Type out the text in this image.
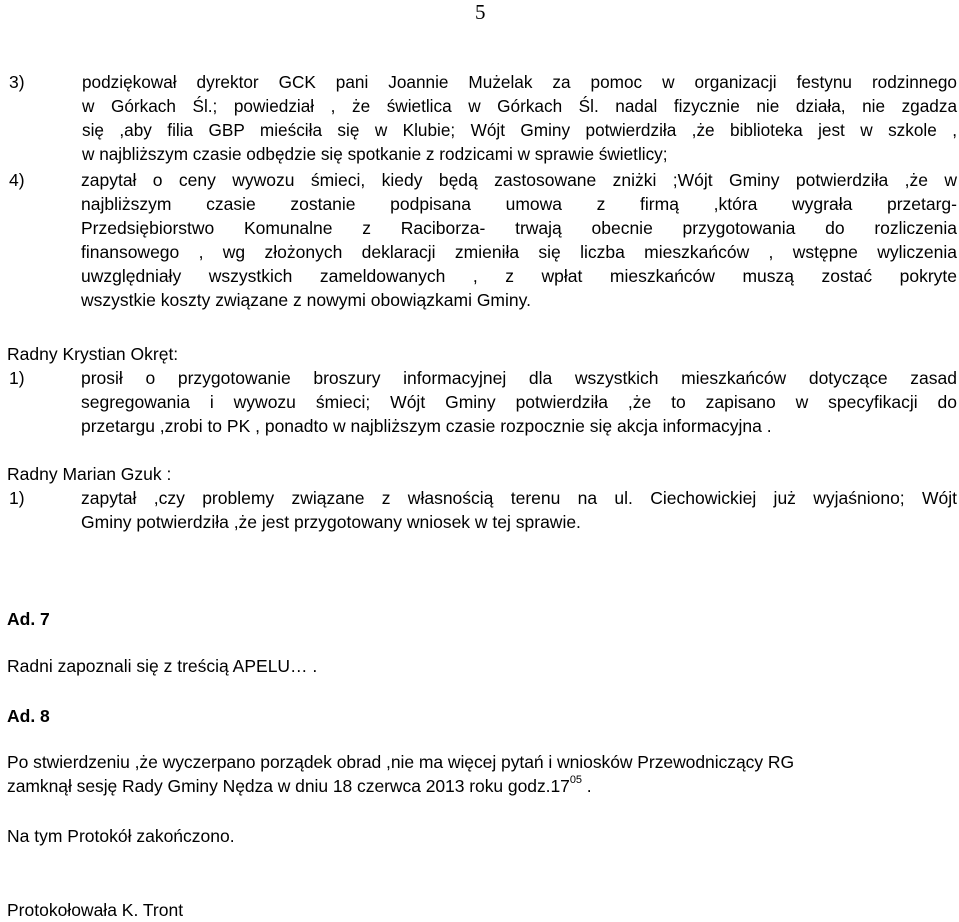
5
3)	podziękował dyrektor GCK pani Joannie Mużelak za pomoc w organizacji festynu rodzinnego
w Górkach Śl.; powiedział , że świetlica w Górkach Śl. nadal fizycznie nie działa, nie zgadza
się ,aby filia GBP mieściła się w Klubie; Wójt Gminy potwierdziła ,że biblioteka jest w szkole ,
w najbliższym czasie odbędzie się spotkanie z rodzicami w sprawie świetlicy;
4)	zapytał o ceny wywozu śmieci, kiedy będą zastosowane zniżki ;Wójt Gminy potwierdziła ,że w
najbliższym czasie zostanie podpisana umowa z firmą ,która wygrała przetarg-
Przedsiębiorstwo Komunalne z Raciborza- trwają obecnie przygotowania do rozliczenia
finansowego , wg złożonych deklaracji zmieniła się liczba mieszkańców , wstępne wyliczenia
uwzględniały wszystkich zameldowanych , z wpłat mieszkańców muszą zostać pokryte
wszystkie koszty związane z nowymi obowiązkami Gminy.
Radny Krystian Okręt:
1)	prosił o przygotowanie broszury informacyjnej dla wszystkich mieszkańców dotyczące zasad
segregowania i wywozu śmieci; Wójt Gminy potwierdziła ,że to zapisano w specyfikacji do
przetargu ,zrobi to PK , ponadto w najbliższym czasie rozpocznie się akcja informacyjna .
Radny Marian Gzuk :
1)	zapytał ,czy problemy związane z własnością terenu na ul. Ciechowickiej już wyjaśniono; Wójt
Gminy potwierdziła ,że jest przygotowany wniosek w tej sprawie.
Ad. 7
Radni zapoznali się z treścią APELU… .
Ad. 8
Po stwierdzeniu ,że wyczerpano porządek obrad ,nie ma więcej pytań i wniosków Przewodniczący RG
zamknął sesję Rady Gminy Nędza w dniu 18 czerwca 2013 roku $godz.17^{05}$ .
Na tym Protokół zakończono.
Protokołowała K. Tront
